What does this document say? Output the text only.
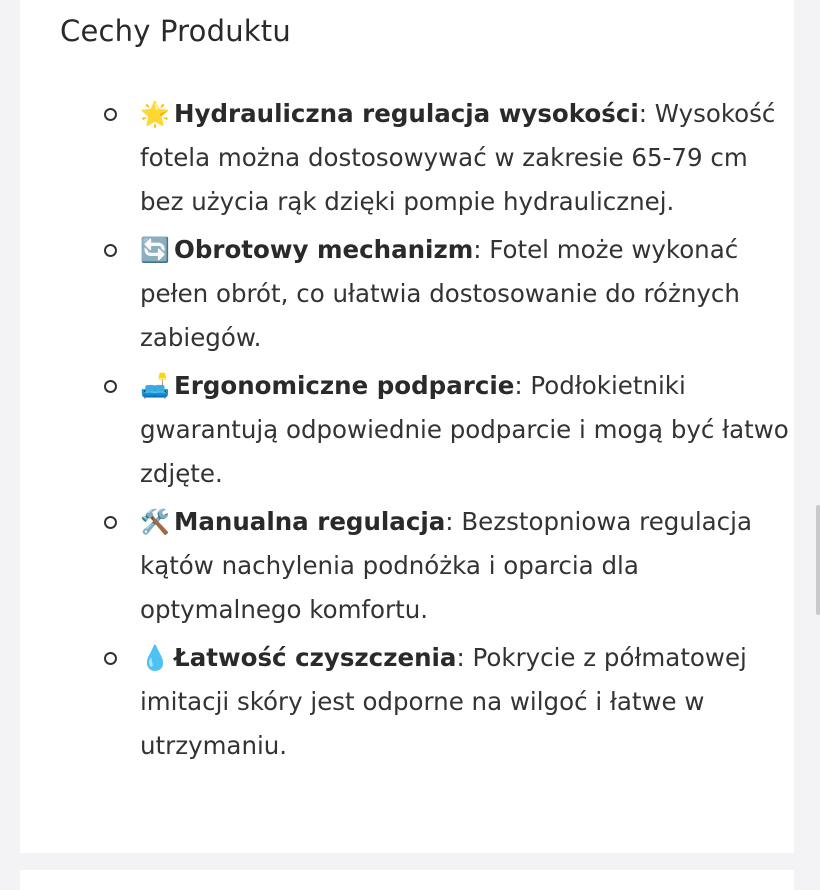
Cechy Produktu
🌟 Hydrauliczna regulacja wysokości: Wysokość fotela można dostosowywać w zakresie 65-79 cm bez użycia rąk dzięki pompie hydraulicznej.
🔄 Obrotowy mechanizm: Fotel może wykonać pełen obrót, co ułatwia dostosowanie do różnych zabiegów.
🛋️ Ergonomiczne podparcie: Podłokietniki gwarantują odpowiednie podparcie i mogą być łatwo zdjęte.
🛠️ Manualna regulacja: Bezstopniowa regulacja kątów nachylenia podnóżka i oparcia dla optymalnego komfortu.
💧 Łatwość czyszczenia: Pokrycie z półmatowej imitacji skóry jest odporne na wilgoć i łatwe w utrzymaniu.
